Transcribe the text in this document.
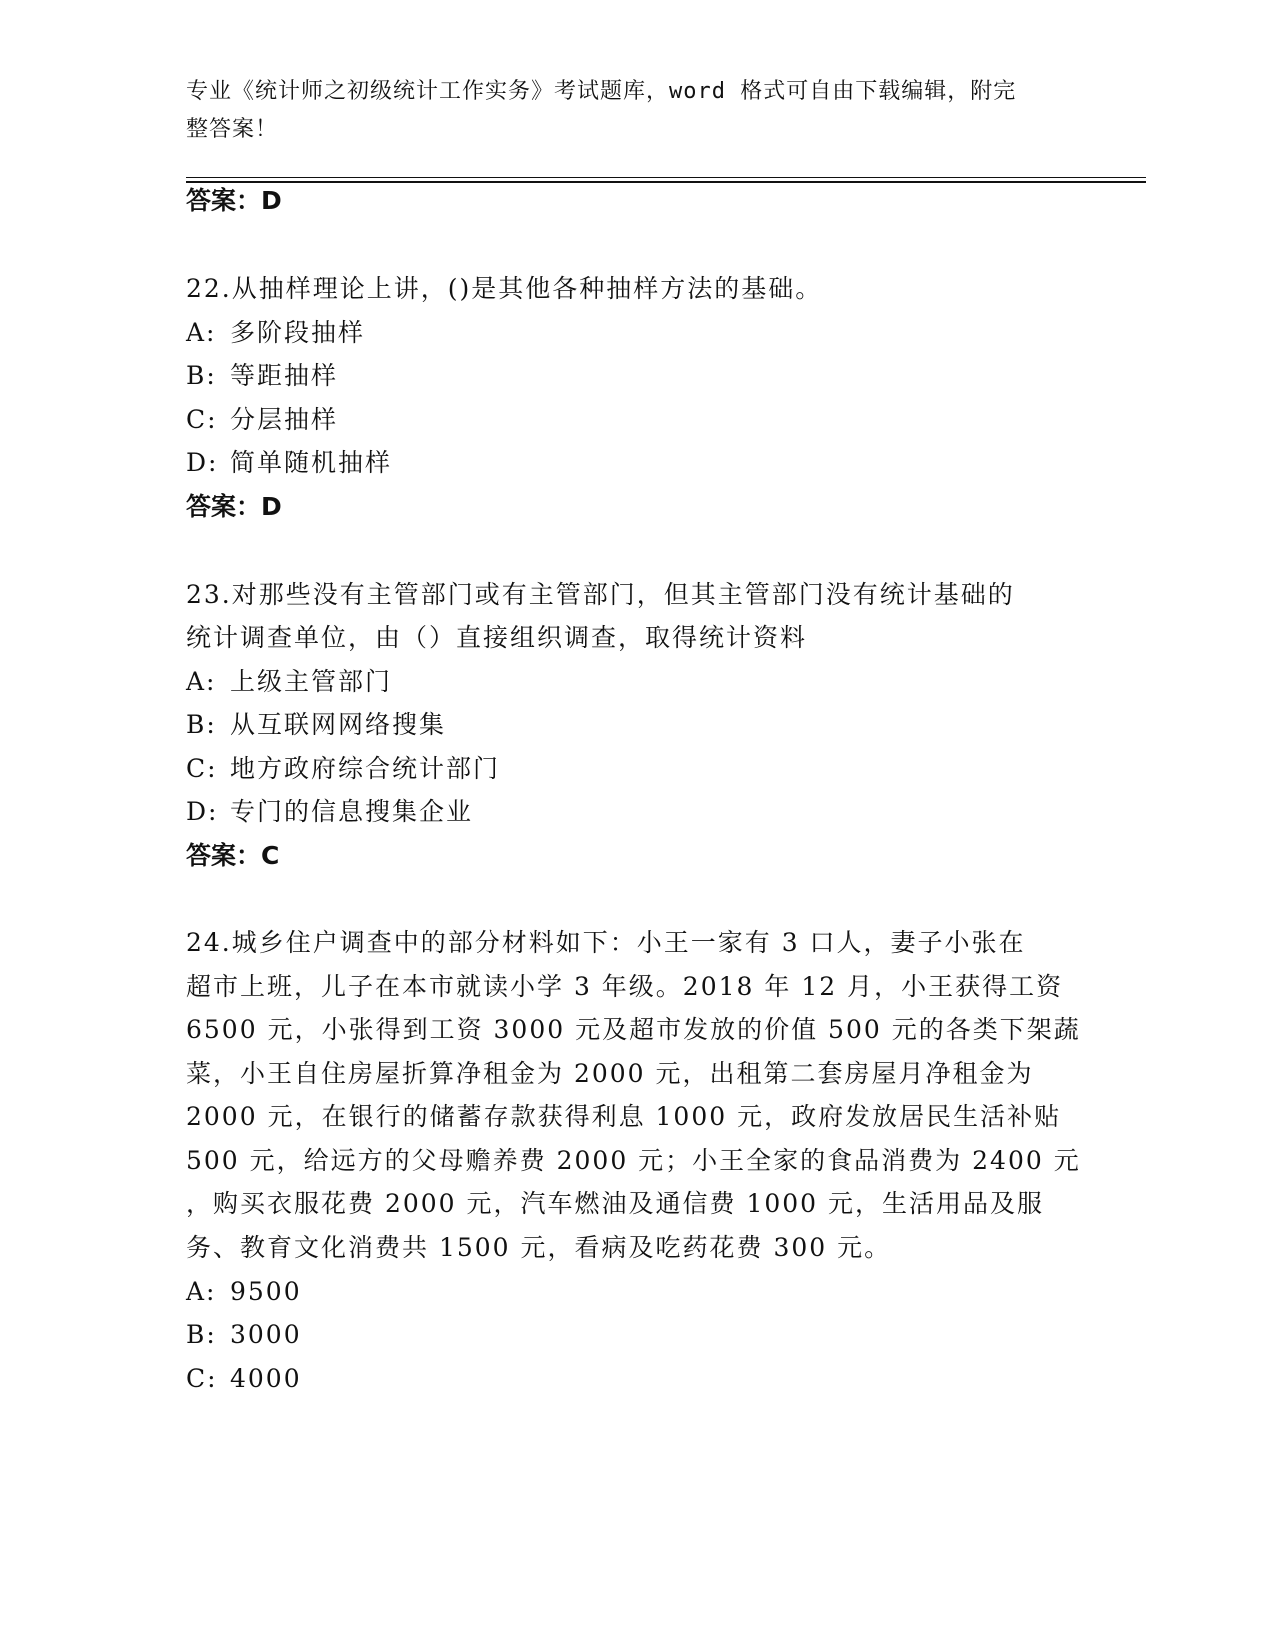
专业《统计师之初级统计工作实务》考试题库，word 格式可自由下载编辑，附完
整答案！
答案：D
22.从抽样理论上讲，()是其他各种抽样方法的基础。
A: 多阶段抽样
B: 等距抽样
C: 分层抽样
D: 简单随机抽样
答案：D
23.对那些没有主管部门或有主管部门，但其主管部门没有统计基础的
统计调查单位，由（）直接组织调查，取得统计资料
A: 上级主管部门
B: 从互联网网络搜集
C: 地方政府综合统计部门
D: 专门的信息搜集企业
答案：C
24.城乡住户调查中的部分材料如下：小王一家有 3 口人，妻子小张在
超市上班，儿子在本市就读小学 3 年级。2018 年 12 月，小王获得工资
6500 元，小张得到工资 3000 元及超市发放的价值 500 元的各类下架蔬
菜，小王自住房屋折算净租金为 2000 元，出租第二套房屋月净租金为
2000 元，在银行的储蓄存款获得利息 1000 元，政府发放居民生活补贴
500 元，给远方的父母赡养费 2000 元；小王全家的食品消费为 2400 元
，购买衣服花费 2000 元，汽车燃油及通信费 1000 元，生活用品及服
务、教育文化消费共 1500 元，看病及吃药花费 300 元。
A: 9500
B: 3000
C: 4000
